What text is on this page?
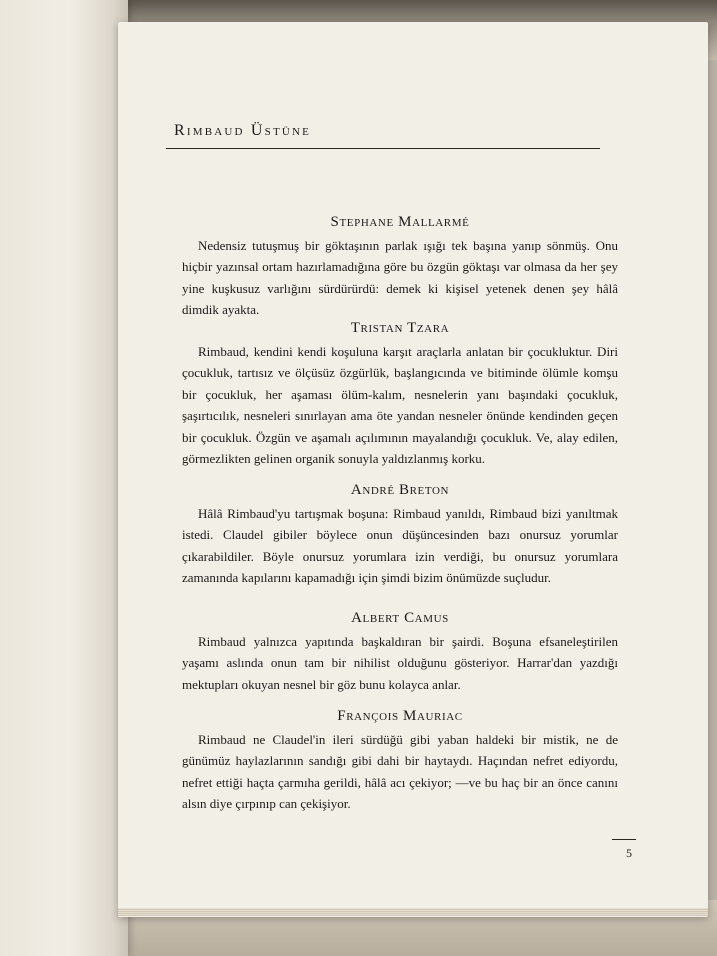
Rimbaud Üstüne
Stephane Mallarmé

Nedensiz tutuşmuş bir göktaşının parlak ışığı tek başına yanıp sönmüş. Onu hiçbir yazınsal ortam hazırlamadığına göre bu özgün göktaşı var olmasa da her şey yine kuşkusuz varlığını sürdürürdü: demek ki kişisel yetenek denen şey hâlâ dimdik ayakta.

Tristan Tzara

Rimbaud, kendini kendi koşuluna karşıt araçlarla anlatan bir çocukluktur. Diri çocukluk, tartısız ve ölçüsüz özgürlük, başlangıcında ve bitiminde ölümle komşu bir çocukluk, her aşaması ölüm-kalım, nesnelerin yanı başındaki çocukluk, şaşırtıcılık, nesneleri sınırlayan ama öte yandan nesneler önünde kendinden geçen bir çocukluk. Özgün ve aşamalı açılımının mayalandığı çocukluk. Ve, alay edilen, görmezlikten gelinen organik sonuyla yaldızlanmış korku.

André Breton

Hâlâ Rimbaud'yu tartışmak boşuna: Rimbaud yanıldı, Rimbaud bizi yanıltmak istedi. Claudel gibiler böylece onun düşüncesinden bazı onursuz yorumlar çıkarabildiler. Böyle onursuz yorumlara izin verdiği, bu onursuz yorumlara zamanında kapılarını kapamadığı için şimdi bizim önümüzde suçludur.

Albert Camus

Rimbaud yalnızca yapıtında başkaldıran bir şairdi. Boşuna efsaneleştirilen yaşamı aslında onun tam bir nihilist olduğunu gösteriyor. Harrar'dan yazdığı mektupları okuyan nesnel bir göz bunu kolayca anlar.

François Mauriac

Rimbaud ne Claudel'in ileri sürdüğü gibi yaban haldeki bir mistik, ne de günümüz haylazlarının sandığı gibi dahi bir haytaydı. Haçından nefret ediyordu, nefret ettiği haçta çarmıha gerildi, hâlâ acı çekiyor; —ve bu haç bir an önce canını alsın diye çırpınıp can çekişiyor.

5
